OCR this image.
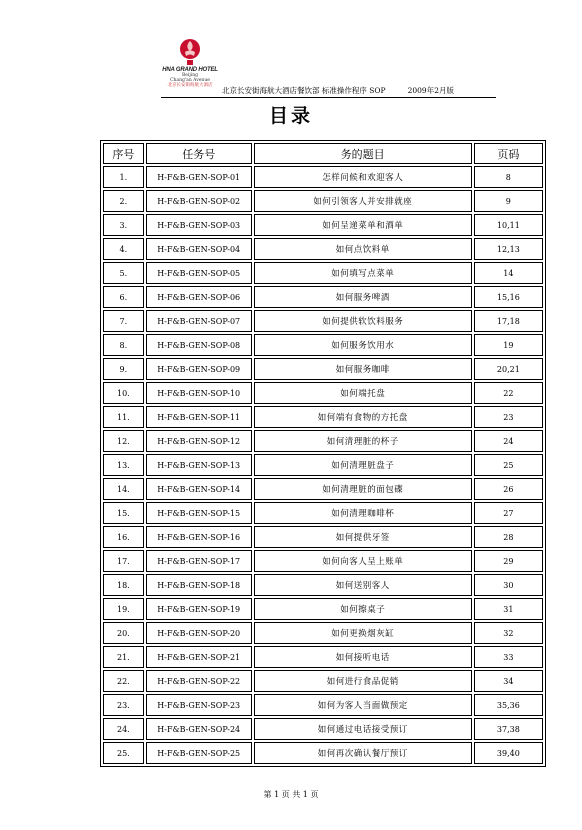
HNA GRAND HOTEL
Beijing
Chang'an Avenue
北京长安街海航大酒店
北京长安街海航大酒店餐饮部 标准操作程序 SOP	2009年2月版
目录
序号	任务号	务的题目	页码
1.	H-F&B-GEN-SOP-01	怎样问候和欢迎客人	8
2.	H-F&B-GEN-SOP-02	如何引领客人并安排就座	9
3.	H-F&B-GEN-SOP-03	如何呈递菜单和酒单	10,11
4.	H-F&B-GEN-SOP-04	如何点饮料单	12,13
5.	H-F&B-GEN-SOP-05	如何填写点菜单	14
6.	H-F&B-GEN-SOP-06	如何服务啤酒	15,16
7.	H-F&B-GEN-SOP-07	如何提供软饮料服务	17,18
8.	H-F&B-GEN-SOP-08	如何服务饮用水	19
9.	H-F&B-GEN-SOP-09	如何服务咖啡	20,21
10.	H-F&B-GEN-SOP-10	如何端托盘	22
11.	H-F&B-GEN-SOP-11	如何端有食物的方托盘	23
12.	H-F&B-GEN-SOP-12	如何清理脏的杯子	24
13.	H-F&B-GEN-SOP-13	如何清理脏盘子	25
14.	H-F&B-GEN-SOP-14	如何清理脏的面包碟	26
15.	H-F&B-GEN-SOP-15	如何清理咖啡杯	27
16.	H-F&B-GEN-SOP-16	如何提供牙签	28
17.	H-F&B-GEN-SOP-17	如何向客人呈上账单	29
18.	H-F&B-GEN-SOP-18	如何送别客人	30
19.	H-F&B-GEN-SOP-19	如何擦桌子	31
20.	H-F&B-GEN-SOP-20	如何更换烟灰缸	32
21.	H-F&B-GEN-SOP-21	如何接听电话	33
22.	H-F&B-GEN-SOP-22	如何进行食品促销	34
23.	H-F&B-GEN-SOP-23	如何为客人当面做预定	35,36
24.	H-F&B-GEN-SOP-24	如何通过电话接受预订	37,38
25.	H-F&B-GEN-SOP-25	如何再次确认餐厅预订	39,40
第 1 页 共 1 页
